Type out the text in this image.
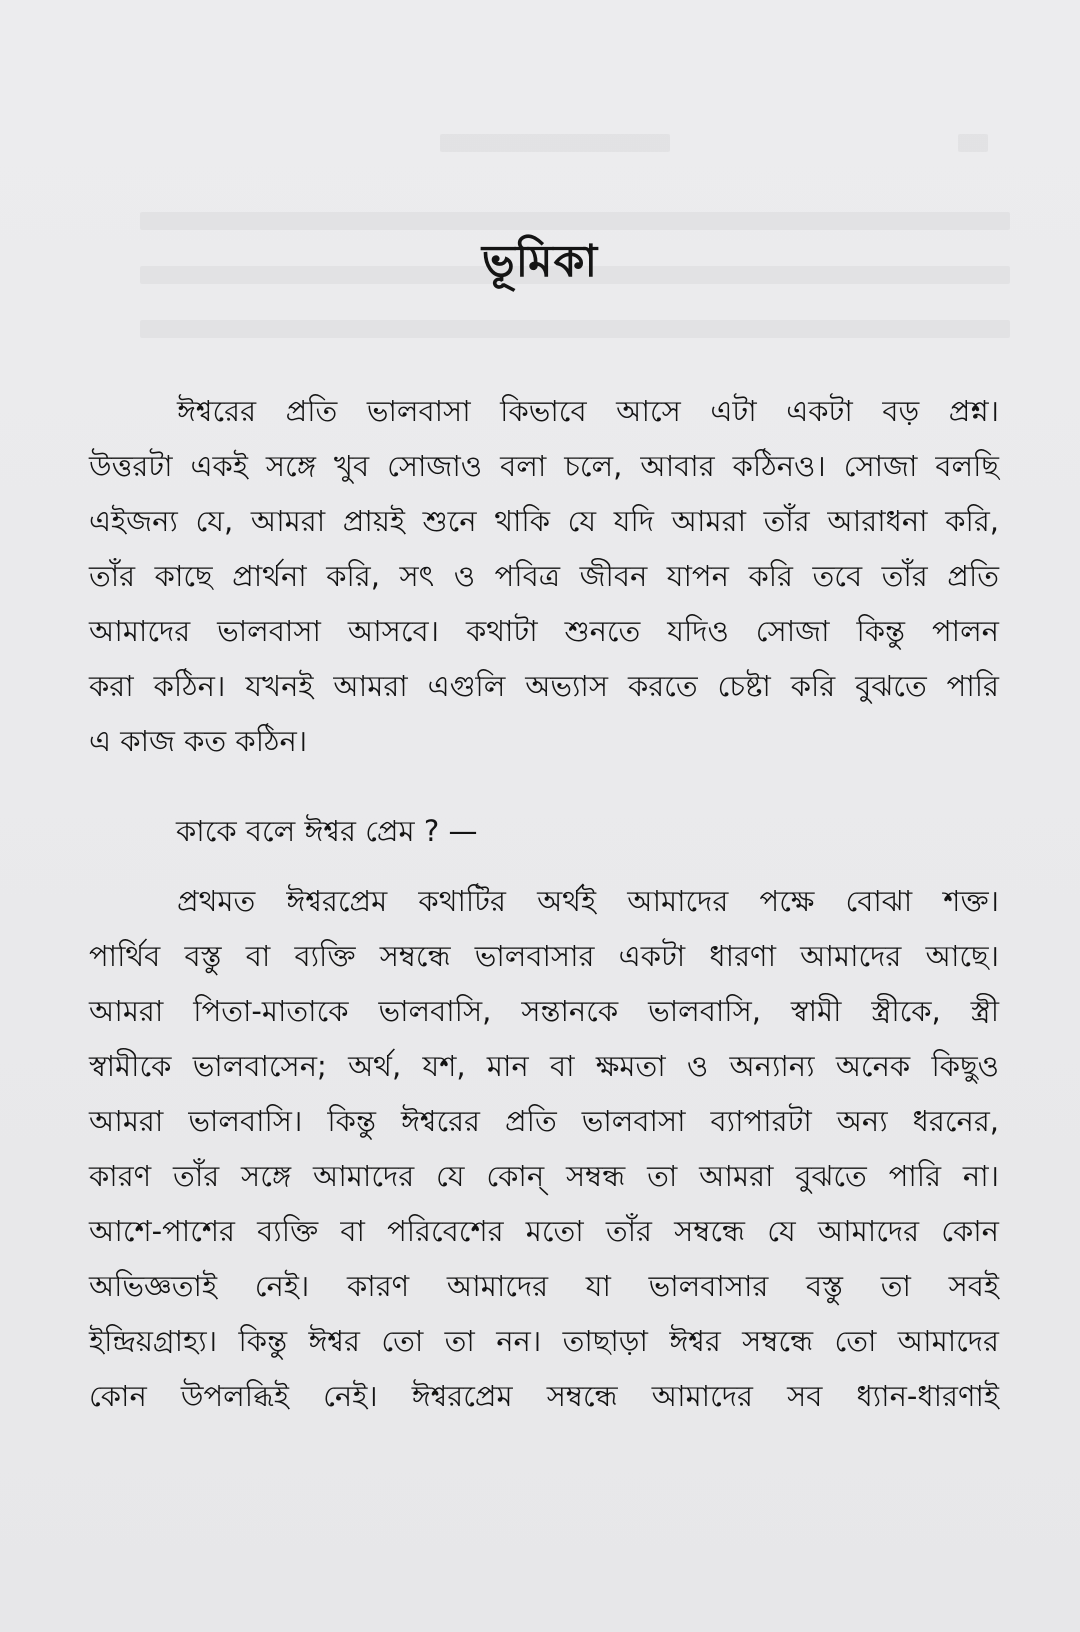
ভূমিকা
ঈশ্বরের প্রতি ভালবাসা কিভাবে আসে এটা একটা বড় প্রশ্ন।
উত্তরটা একই সঙ্গে খুব সোজাও বলা চলে, আবার কঠিনও। সোজা বলছি
এইজন্য যে, আমরা প্রায়ই শুনে থাকি যে যদি আমরা তাঁর আরাধনা করি,
তাঁর কাছে প্রার্থনা করি, সৎ ও পবিত্র জীবন যাপন করি তবে তাঁর প্রতি
আমাদের ভালবাসা আসবে। কথাটা শুনতে যদিও সোজা কিন্তু পালন
করা কঠিন। যখনই আমরা এগুলি অভ্যাস করতে চেষ্টা করি বুঝতে পারি
এ কাজ কত কঠিন।
কাকে বলে ঈশ্বর প্রেম ? —
প্রথমত ঈশ্বরপ্রেম কথাটির অর্থই আমাদের পক্ষে বোঝা শক্ত।
পার্থিব বস্তু বা ব্যক্তি সম্বন্ধে ভালবাসার একটা ধারণা আমাদের আছে।
আমরা পিতা-মাতাকে ভালবাসি, সন্তানকে ভালবাসি, স্বামী স্ত্রীকে, স্ত্রী
স্বামীকে ভালবাসেন; অর্থ, যশ, মান বা ক্ষমতা ও অন্যান্য অনেক কিছুও
আমরা ভালবাসি। কিন্তু ঈশ্বরের প্রতি ভালবাসা ব্যাপারটা অন্য ধরনের,
কারণ তাঁর সঙ্গে আমাদের যে কোন্ সম্বন্ধ তা আমরা বুঝতে পারি না।
আশে-পাশের ব্যক্তি বা পরিবেশের মতো তাঁর সম্বন্ধে যে আমাদের কোন
অভিজ্ঞতাই নেই। কারণ আমাদের যা ভালবাসার বস্তু তা সবই
ইন্দ্রিয়গ্রাহ্য। কিন্তু ঈশ্বর তো তা নন। তাছাড়া ঈশ্বর সম্বন্ধে তো আমাদের
কোন উপলব্ধিই নেই। ঈশ্বরপ্রেম সম্বন্ধে আমাদের সব ধ্যান-ধারণাই
